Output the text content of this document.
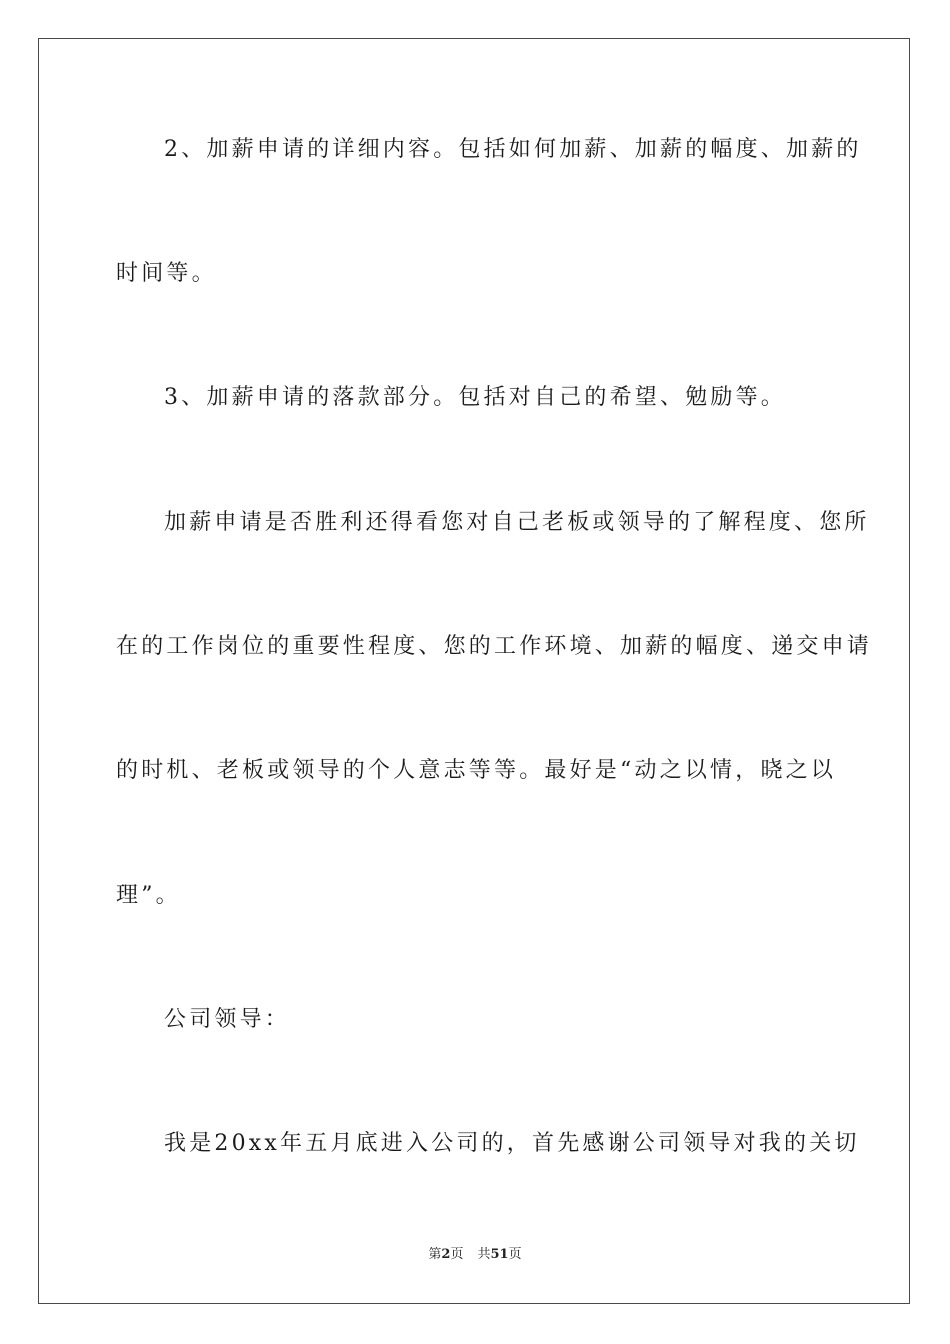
2、加薪申请的详细内容。包括如何加薪、加薪的幅度、加薪的
时间等。
3、加薪申请的落款部分。包括对自己的希望、勉励等。
加薪申请是否胜利还得看您对自己老板或领导的了解程度、您所
在的工作岗位的重要性程度、您的工作环境、加薪的幅度、递交申请
的时机、老板或领导的个人意志等等。最好是“动之以情，晓之以
理”。
公司领导：
我是20xx年五月底进入公司的，首先感谢公司领导对我的关切
第2页 共51页
